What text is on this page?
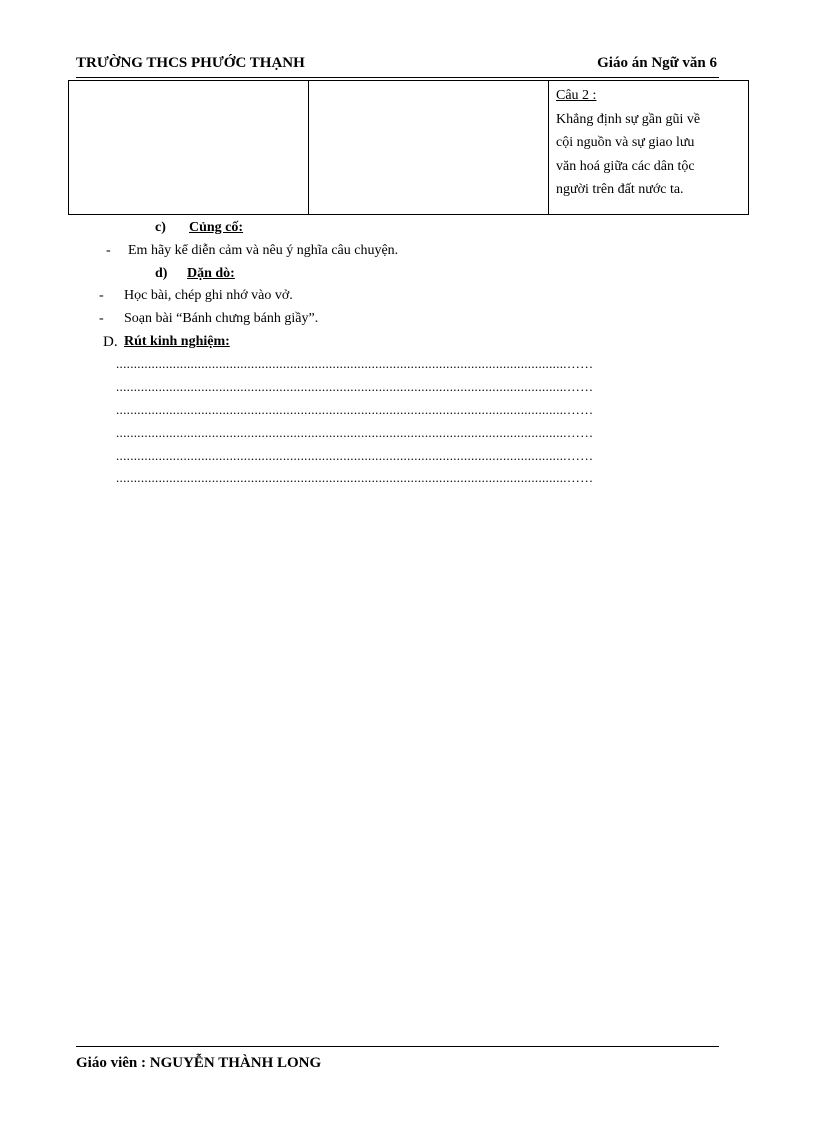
TRƯỜNG THCS PHƯỚC THẠNH	Giáo án Ngữ văn 6

Câu 2 :
Khẳng định sự gần gũi về
cội nguồn và sự giao lưu
văn hoá giữa các dân tộc
người trên đất nước ta.
c) Củng cố:
- Em hãy kể diễn cảm và nêu ý nghĩa câu chuyện.
d) Dặn dò:
- Học bài, chép ghi nhớ vào vở.
- Soạn bài “Bánh chưng bánh giầy”.
D. Rút kinh nghiệm:
...............................................................................................................................……
...............................................................................................................................……
...............................................................................................................................……
...............................................................................................................................……
...............................................................................................................................……
...............................................................................................................................……
Giáo viên : NGUYỄN THÀNH LONG
